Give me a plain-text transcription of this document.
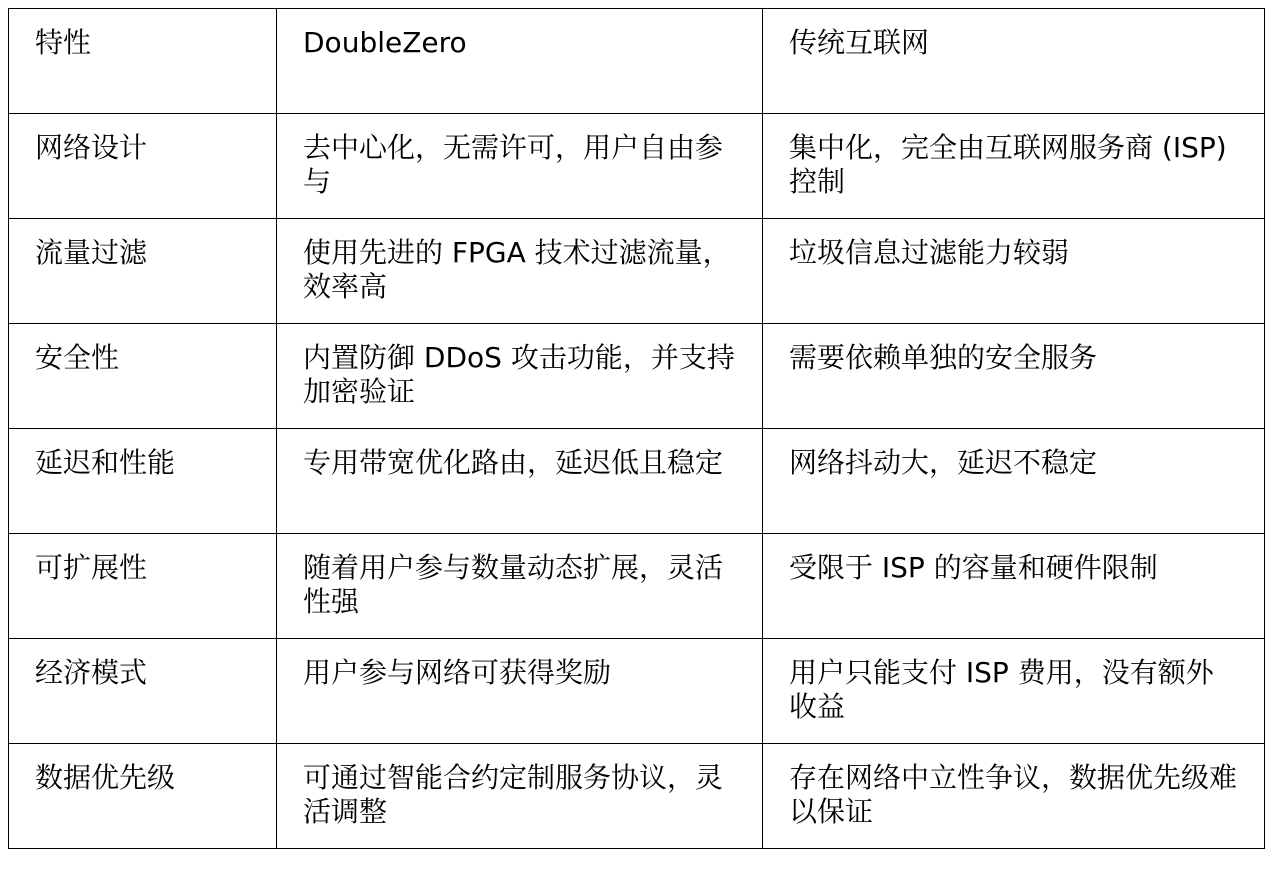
特性	DoubleZero	传统互联网

网络设计	去中心化，无需许可，用户自由参与	集中化，完全由互联网服务商 (ISP) 控制

流量过滤	使用先进的 FPGA 技术过滤流量，效率高	垃圾信息过滤能力较弱

安全性	内置防御 DDoS 攻击功能，并支持加密验证	需要依赖单独的安全服务

延迟和性能	专用带宽优化路由，延迟低且稳定	网络抖动大，延迟不稳定

可扩展性	随着用户参与数量动态扩展，灵活性强	受限于 ISP 的容量和硬件限制

经济模式	用户参与网络可获得奖励	用户只能支付 ISP 费用，没有额外收益

数据优先级	可通过智能合约定制服务协议，灵活调整	存在网络中立性争议，数据优先级难以保证
